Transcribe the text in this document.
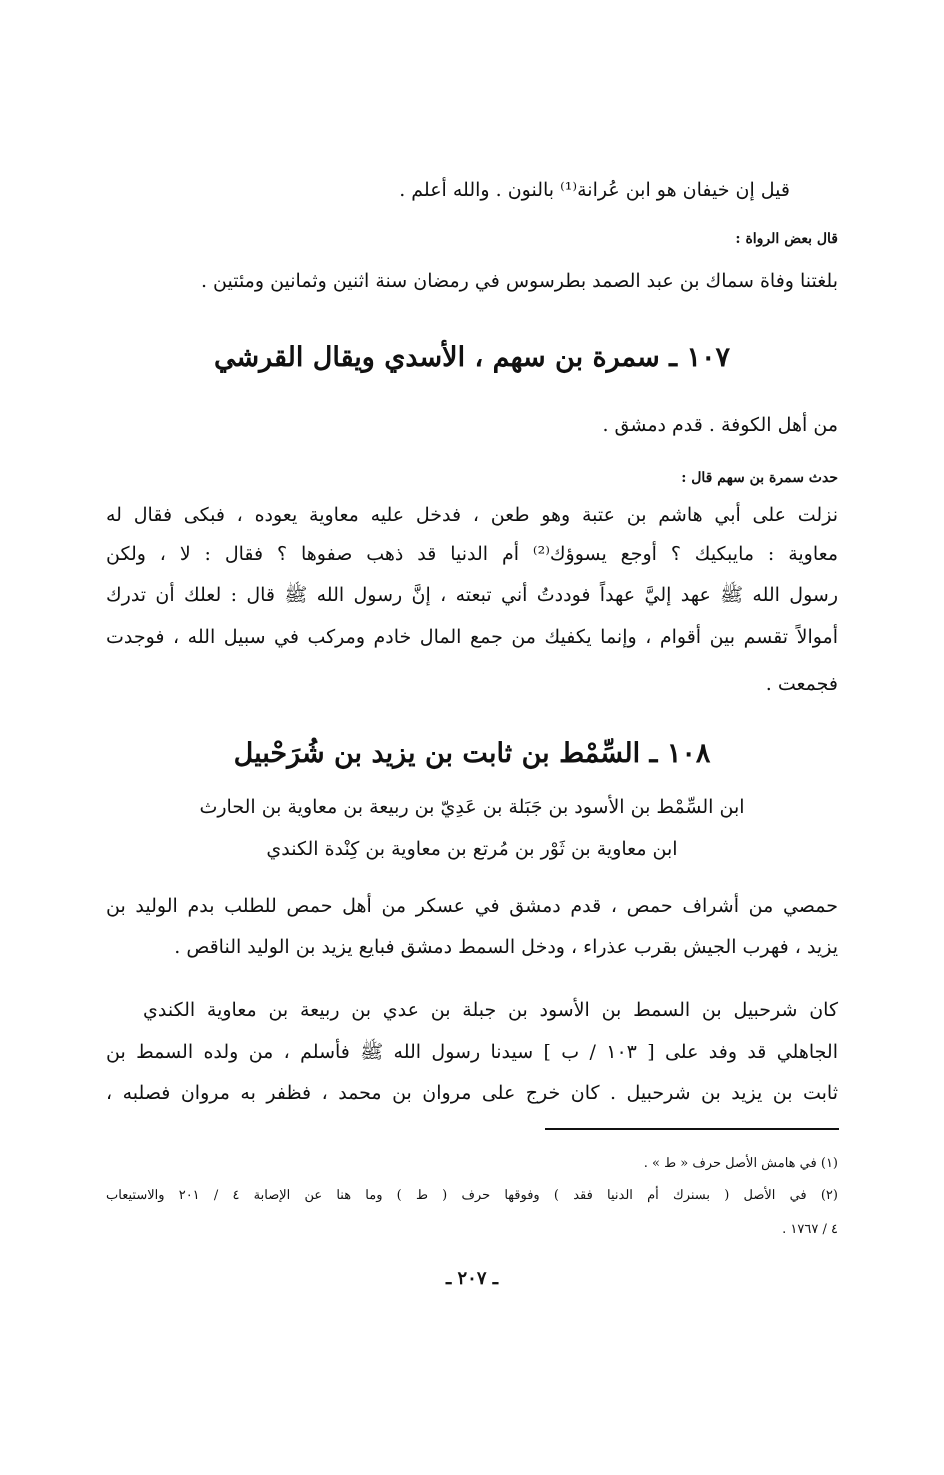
قيل إن خيفان هو ابن عُرانة⁽¹⁾ بالنون . والله أعلم .
قال بعض الرواة :
بلغتنا وفاة سماك بن عبد الصمد بطرسوس في رمضان سنة اثنين وثمانين ومئتين .
١٠٧ ـ سمرة بن سهم ، الأسدي ويقال القرشي
من أهل الكوفة . قدم دمشق .
حدث سمرة بن سهم قال :
نزلت على أبي هاشم بن عتبة وهو طعن ، فدخل عليه معاوية يعوده ، فبكى فقال له
معاوية : مايبكيك ؟ أوجع يسوؤك⁽²⁾ أم الدنيا قد ذهب صفوها ؟ فقال : لا ، ولكن
رسول الله ﷺ عهد إليَّ عهداً فوددتُ أني تبعته ، إنَّ رسول الله ﷺ قال : لعلك أن تدرك
أموالاً تقسم بين أقوام ، وإنما يكفيك من جمع المال خادم ومركب في سبيل الله ، فوجدت
فجمعت .
١٠٨ ـ السِّمْط بن ثابت بن يزيد بن شُرَحْبيل
ابن السِّمْط بن الأسود بن جَبَلة بن عَدِيّ بن ربيعة بن معاوية بن الحارث
ابن معاوية بن ثَوْر بن مُرتع بن معاوية بن كِنْدة الكندي
حمصي من أشراف حمص ، قدم دمشق في عسكر من أهل حمص للطلب بدم الوليد بن
يزيد ، فهرب الجيش بقرب عذراء ، ودخل السمط دمشق فبايع يزيد بن الوليد الناقص .
كان شرحبيل بن السمط بن الأسود بن جبلة بن عدي بن ربيعة بن معاوية الكندي
الجاهلي قد وفد على [ ١٠٣ / ب ] سيدنا رسول الله ﷺ فأسلم ، من ولده السمط بن
ثابت بن يزيد بن شرحبيل . كان خرج على مروان بن محمد ، فظفر به مروان فصلبه ،
(١) في هامش الأصل حرف « ط » .
(٢) في الأصل ( بسنرك أم الدنيا فقد ) وفوقها حرف ( ط ) وما هنا عن الإصابة ٤ / ٢٠١ والاستيعاب
٤ / ١٧٦٧ .
ـ ٢٠٧ ـ
